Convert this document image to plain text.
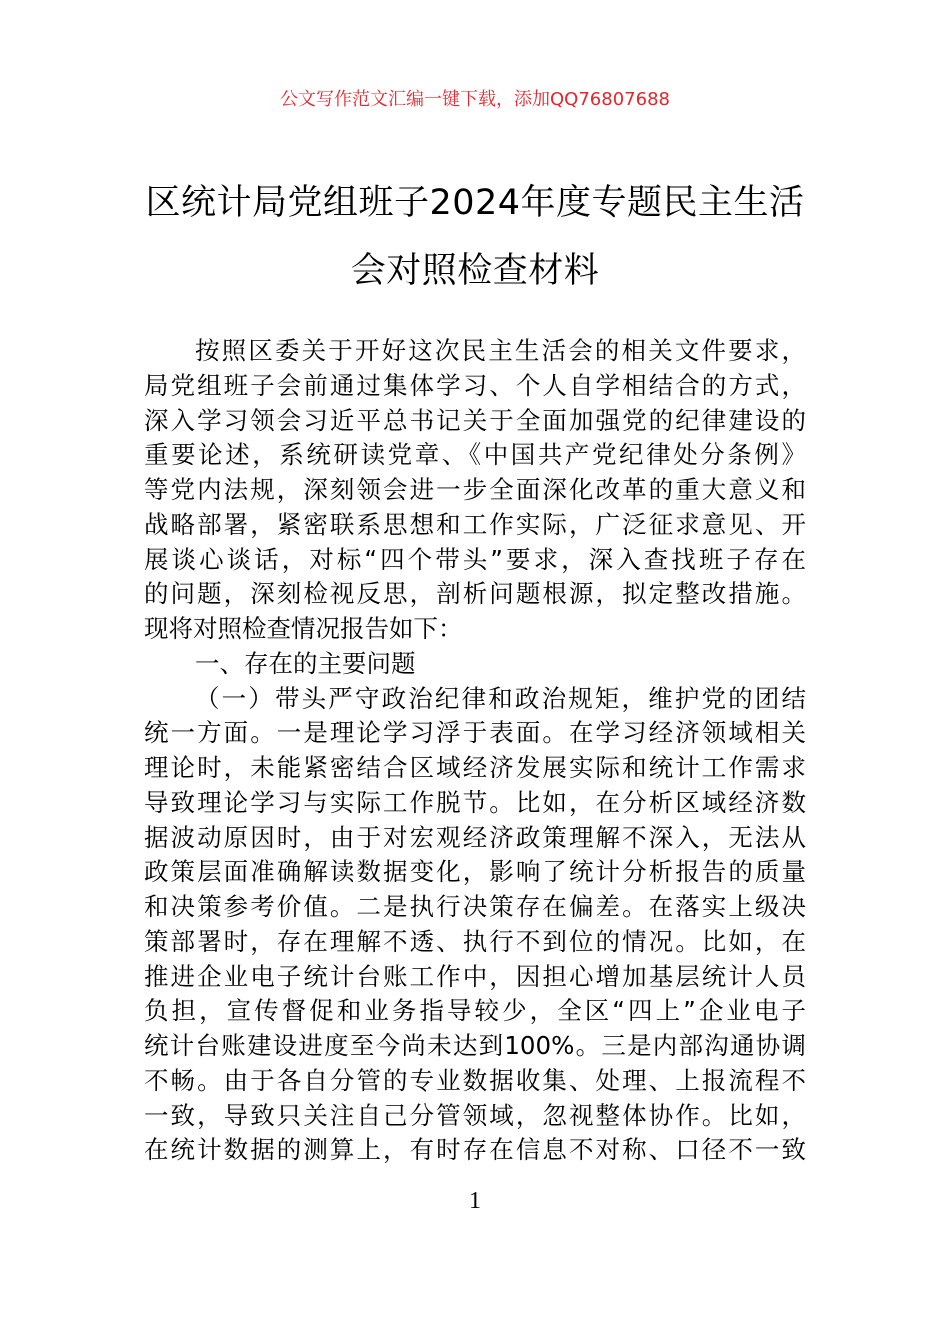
公文写作范文汇编一键下载，添加QQ76807688
区统计局党组班子2024年度专题民主生活
会对照检查材料
按照区委关于开好这次民主生活会的相关文件要求，
局党组班子会前通过集体学习、个人自学相结合的方式，
深入学习领会习近平总书记关于全面加强党的纪律建设的
重要论述，系统研读党章、《中国共产党纪律处分条例》
等党内法规，深刻领会进一步全面深化改革的重大意义和
战略部署，紧密联系思想和工作实际，广泛征求意见、开
展谈心谈话，对标“四个带头”要求，深入查找班子存在
的问题，深刻检视反思，剖析问题根源，拟定整改措施。
现将对照检查情况报告如下：
一、存在的主要问题
（一）带头严守政治纪律和政治规矩，维护党的团结
统一方面。一是理论学习浮于表面。在学习经济领域相关
理论时，未能紧密结合区域经济发展实际和统计工作需求
导致理论学习与实际工作脱节。比如，在分析区域经济数
据波动原因时，由于对宏观经济政策理解不深入，无法从
政策层面准确解读数据变化，影响了统计分析报告的质量
和决策参考价值。二是执行决策存在偏差。在落实上级决
策部署时，存在理解不透、执行不到位的情况。比如，在
推进企业电子统计台账工作中，因担心增加基层统计人员
负担，宣传督促和业务指导较少，全区“四上”企业电子
统计台账建设进度至今尚未达到100%。三是内部沟通协调
不畅。由于各自分管的专业数据收集、处理、上报流程不
一致，导致只关注自己分管领域，忽视整体协作。比如，
在统计数据的测算上，有时存在信息不对称、口径不一致
1
